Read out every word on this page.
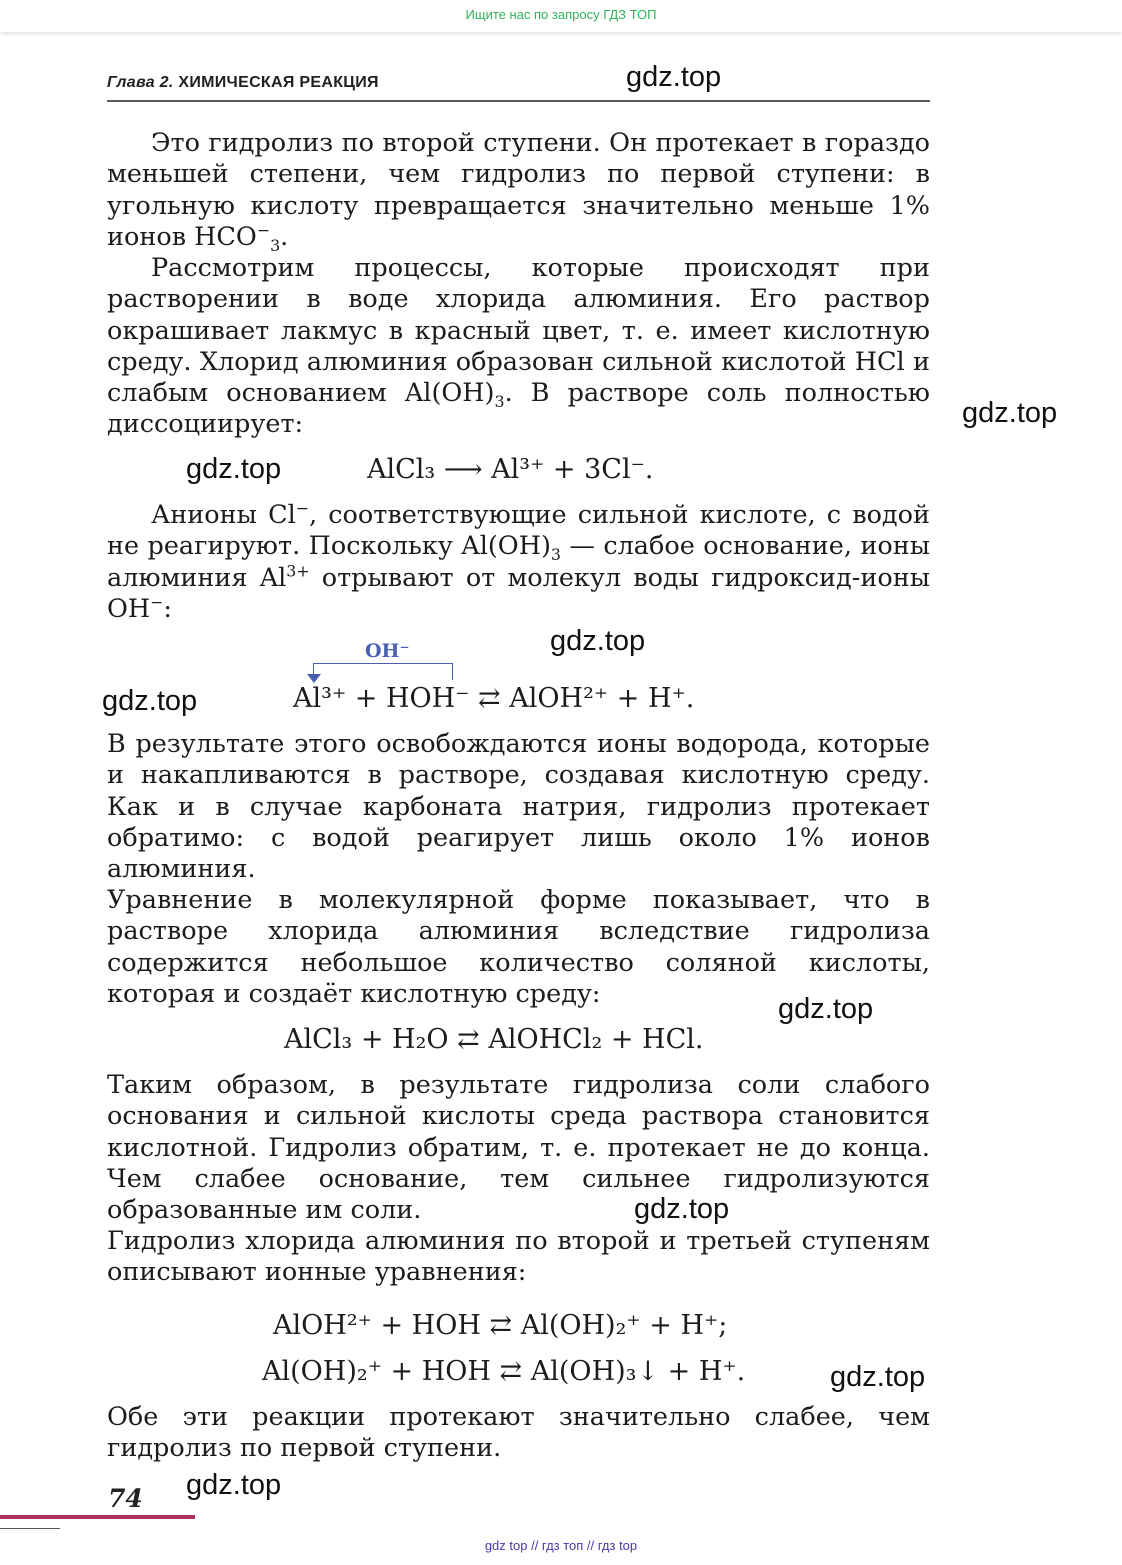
Ищите нас по запросу ГДЗ ТОП
Глава 2. ХИМИЧЕСКАЯ РЕАКЦИЯ

Это гидролиз по второй ступени. Он протекает в гораздо меньшей степени, чем гидролиз по первой ступени: в угольную кислоту превращается значительно меньше 1% ионов $HCO^-_3$.

Рассмотрим процессы, которые происходят при растворении в воде хлорида алюминия. Его раствор окрашивает лакмус в красный цвет, т. е. имеет кислотную среду. Хлорид алюминия образован сильной кислотой HCl и слабым основанием $Al(OH)_3$. В растворе соль полностью диссоциирует:

AlCl₃ ⟶ Al³⁺ + 3Cl⁻.

Анионы Cl−, соответствующие сильной кислоте, с водой не реагируют. Поскольку $Al(OH)_3$ — слабое основание, ионы алюминия $Al^{3+}$ отрывают от молекул воды гидроксид-ионы OH−:

OH⁻
Al³⁺ + HOH⁻ ⇄ AlOH²⁺ + H⁺.

В результате этого освобождаются ионы водорода, которые и накапливаются в растворе, создавая кислотную среду. Как и в случае карбоната натрия, гидролиз протекает обратимо: с водой реагирует лишь около 1% ионов алюминия.

Уравнение в молекулярной форме показывает, что в растворе хлорида алюминия вследствие гидролиза содержится небольшое количество соляной кислоты, которая и создаёт кислотную среду:

AlCl₃ + H₂O ⇄ AlOHCl₂ + HCl.

Таким образом, в результате гидролиза соли слабого основания и сильной кислоты среда раствора становится кислотной. Гидролиз обратим, т. е. протекает не до конца. Чем слабее основание, тем сильнее гидролизуются образованные им соли.

Гидролиз хлорида алюминия по второй и третьей ступеням описывают ионные уравнения:

AlOH²⁺ + HOH ⇄ Al(OH)₂⁺ + H⁺;
Al(OH)₂⁺ + HOH ⇄ Al(OH)₃↓ + H⁺.

Обе эти реакции протекают значительно слабее, чем гидролиз по первой ступени.

gdz.top
gdz.top
gdz.top
gdz.top
gdz.top
gdz.top
gdz.top
gdz.top
gdz.top
74
gdz top // гдз топ // гдз top
